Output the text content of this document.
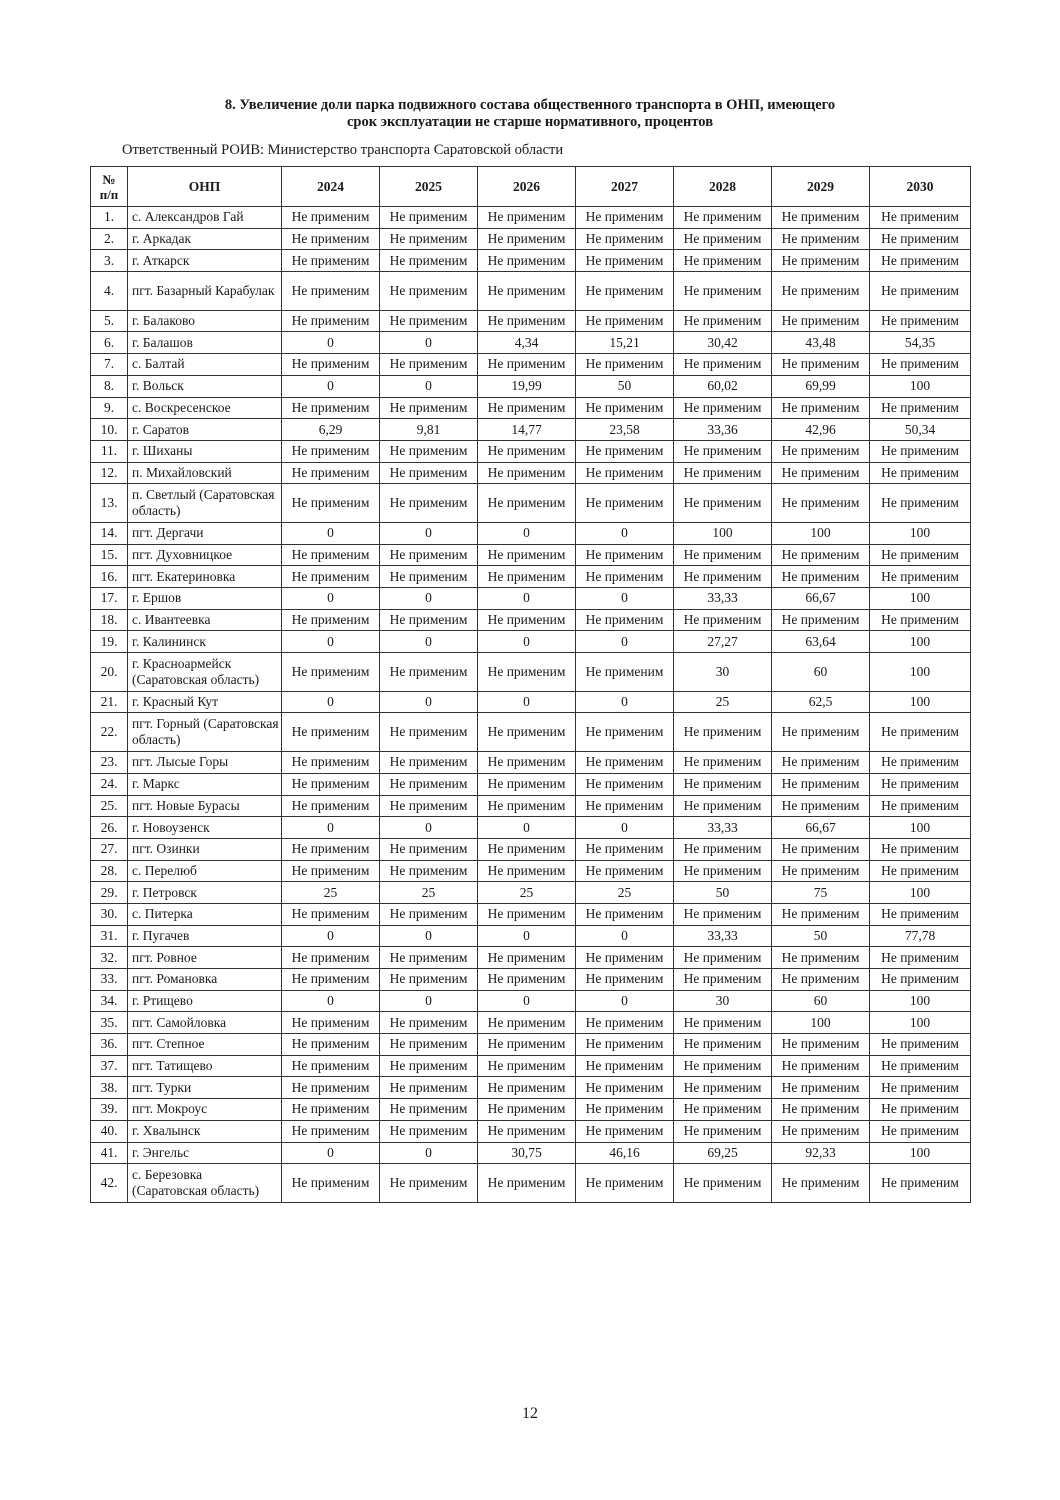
8. Увеличение доли парка подвижного состава общественного транспорта в ОНП, имеющего
срок эксплуатации не старше нормативного, процентов
Ответственный РОИВ: Министерство транспорта Саратовской области
№
п/п	ОНП	2024	2025	2026	2027	2028	2029	2030
1.	с. Александров Гай	Не применим	Не применим	Не применим	Не применим	Не применим	Не применим	Не применим
2.	г. Аркадак	Не применим	Не применим	Не применим	Не применим	Не применим	Не применим	Не применим
3.	г. Аткарск	Не применим	Не применим	Не применим	Не применим	Не применим	Не применим	Не применим
4.	пгт. Базарный Карабулак	Не применим	Не применим	Не применим	Не применим	Не применим	Не применим	Не применим
5.	г. Балаково	Не применим	Не применим	Не применим	Не применим	Не применим	Не применим	Не применим
6.	г. Балашов	0	0	4,34	15,21	30,42	43,48	54,35
7.	с. Балтай	Не применим	Не применим	Не применим	Не применим	Не применим	Не применим	Не применим
8.	г. Вольск	0	0	19,99	50	60,02	69,99	100
9.	с. Воскресенское	Не применим	Не применим	Не применим	Не применим	Не применим	Не применим	Не применим
10.	г. Саратов	6,29	9,81	14,77	23,58	33,36	42,96	50,34
11.	г. Шиханы	Не применим	Не применим	Не применим	Не применим	Не применим	Не применим	Не применим
12.	п. Михайловский	Не применим	Не применим	Не применим	Не применим	Не применим	Не применим	Не применим
13.	п. Светлый (Саратовская область)	Не применим	Не применим	Не применим	Не применим	Не применим	Не применим	Не применим
14.	пгт. Дергачи	0	0	0	0	100	100	100
15.	пгт. Духовницкое	Не применим	Не применим	Не применим	Не применим	Не применим	Не применим	Не применим
16.	пгт. Екатериновка	Не применим	Не применим	Не применим	Не применим	Не применим	Не применим	Не применим
17.	г. Ершов	0	0	0	0	33,33	66,67	100
18.	с. Ивантеевка	Не применим	Не применим	Не применим	Не применим	Не применим	Не применим	Не применим
19.	г. Калининск	0	0	0	0	27,27	63,64	100
20.	г. Красноармейск (Саратовская область)	Не применим	Не применим	Не применим	Не применим	30	60	100
21.	г. Красный Кут	0	0	0	0	25	62,5	100
22.	пгт. Горный (Саратовская область)	Не применим	Не применим	Не применим	Не применим	Не применим	Не применим	Не применим
23.	пгт. Лысые Горы	Не применим	Не применим	Не применим	Не применим	Не применим	Не применим	Не применим
24.	г. Маркс	Не применим	Не применим	Не применим	Не применим	Не применим	Не применим	Не применим
25.	пгт. Новые Бурасы	Не применим	Не применим	Не применим	Не применим	Не применим	Не применим	Не применим
26.	г. Новоузенск	0	0	0	0	33,33	66,67	100
27.	пгт. Озинки	Не применим	Не применим	Не применим	Не применим	Не применим	Не применим	Не применим
28.	с. Перелюб	Не применим	Не применим	Не применим	Не применим	Не применим	Не применим	Не применим
29.	г. Петровск	25	25	25	25	50	75	100
30.	с. Питерка	Не применим	Не применим	Не применим	Не применим	Не применим	Не применим	Не применим
31.	г. Пугачев	0	0	0	0	33,33	50	77,78
32.	пгт. Ровное	Не применим	Не применим	Не применим	Не применим	Не применим	Не применим	Не применим
33.	пгт. Романовка	Не применим	Не применим	Не применим	Не применим	Не применим	Не применим	Не применим
34.	г. Ртищево	0	0	0	0	30	60	100
35.	пгт. Самойловка	Не применим	Не применим	Не применим	Не применим	Не применим	100	100
36.	пгт. Степное	Не применим	Не применим	Не применим	Не применим	Не применим	Не применим	Не применим
37.	пгт. Татищево	Не применим	Не применим	Не применим	Не применим	Не применим	Не применим	Не применим
38.	пгт. Турки	Не применим	Не применим	Не применим	Не применим	Не применим	Не применим	Не применим
39.	пгт. Мокроус	Не применим	Не применим	Не применим	Не применим	Не применим	Не применим	Не применим
40.	г. Хвалынск	Не применим	Не применим	Не применим	Не применим	Не применим	Не применим	Не применим
41.	г. Энгельс	0	0	30,75	46,16	69,25	92,33	100
42.	с. Березовка (Саратовская область)	Не применим	Не применим	Не применим	Не применим	Не применим	Не применим	Не применим
12
